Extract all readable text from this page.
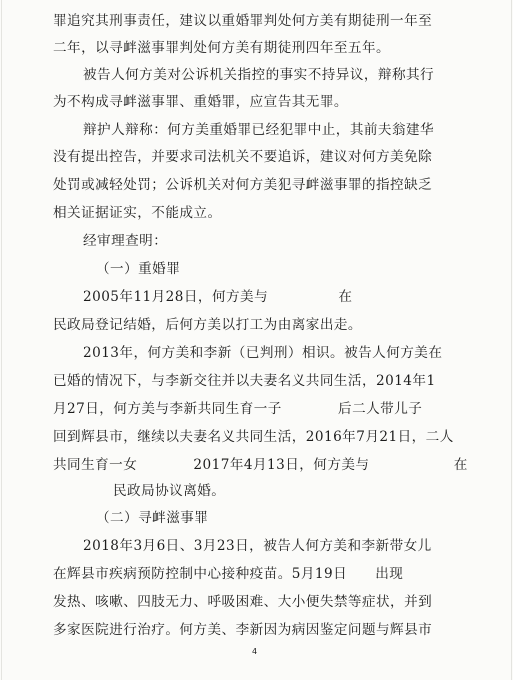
罪追究其刑事责任，建议以重婚罪判处何方美有期徒刑一年至
二年，以寻衅滋事罪判处何方美有期徒刑四年至五年。
被告人何方美对公诉机关指控的事实不持异议，辩称其行
为不构成寻衅滋事罪、重婚罪，应宣告其无罪。
辩护人辩称：何方美重婚罪已经犯罪中止，其前夫翁建华
没有提出控告，并要求司法机关不要追诉，建议对何方美免除
处罚或减轻处罚；公诉机关对何方美犯寻衅滋事罪的指控缺乏
相关证据证实，不能成立。
经审理查明：
（一）重婚罪
2005年11月28日，何方美与　　　　　在
民政局登记结婚，后何方美以打工为由离家出走。
2013年，何方美和李新（已判刑）相识。被告人何方美在
已婚的情况下，与李新交往并以夫妻名义共同生活，2014年1
月27日，何方美与李新共同生育一子　　　　后二人带儿子
回到辉县市，继续以夫妻名义共同生活，2016年7月21日，二人
共同生育一女　　　　2017年4月13日，何方美与　　　　　　在
民政局协议离婚。
（二）寻衅滋事罪
2018年3月6日、3月23日，被告人何方美和李新带女儿
在辉县市疾病预防控制中心接种疫苗。5月19日　　出现
发热、咳嗽、四肢无力、呼吸困难、大小便失禁等症状，并到
多家医院进行治疗。何方美、李新因为病因鉴定问题与辉县市
4
